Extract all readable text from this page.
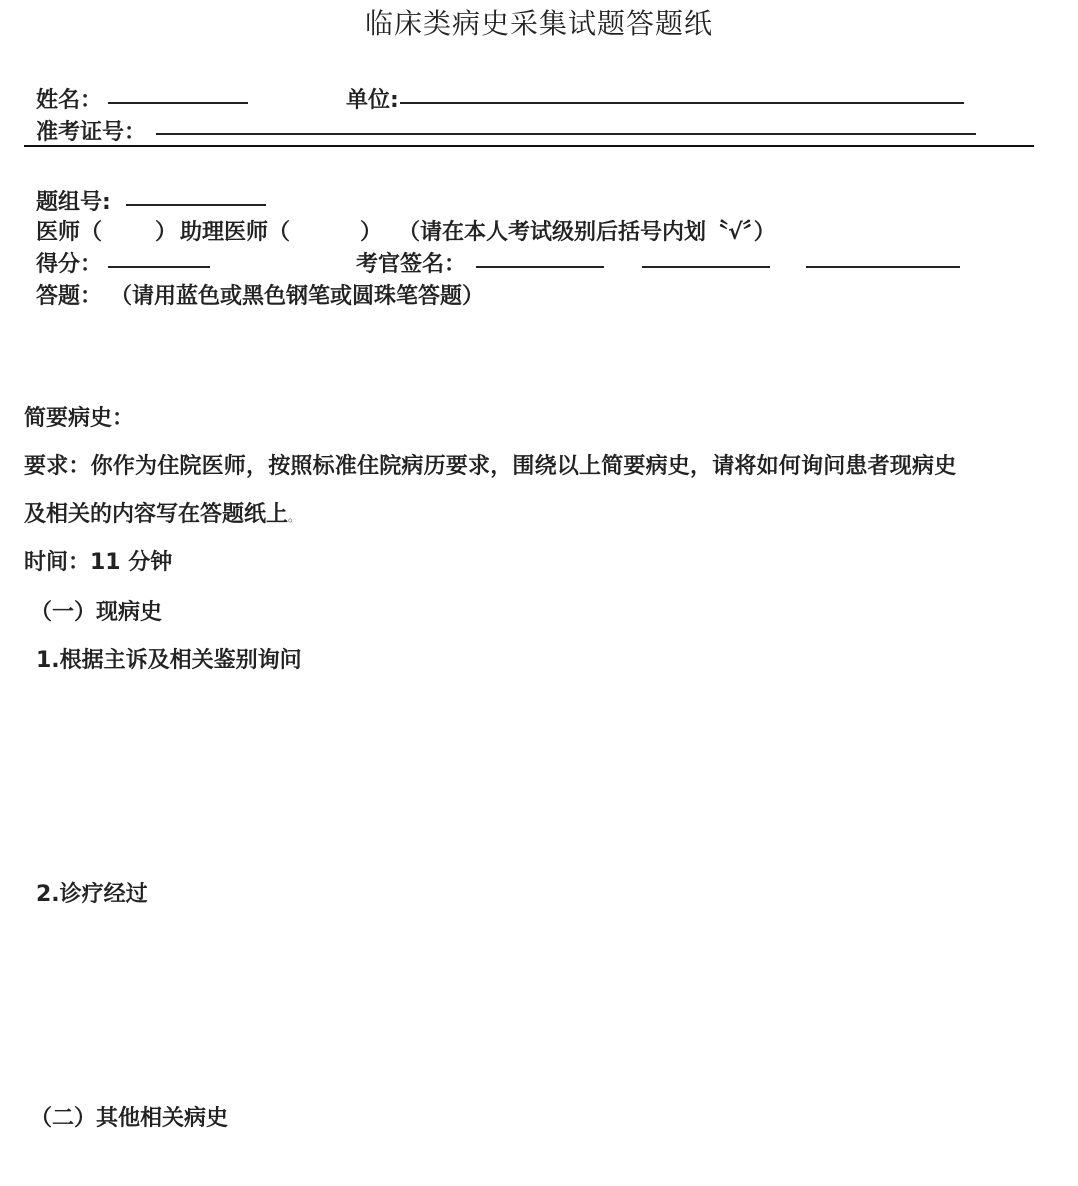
临床类病史采集试题答题纸
姓名：	单位:
准考证号：
题组号:
医师（ ） 助理医师（	） （请在本人考试级别后括号内划〝√〞）
得分：	考官签名：
答题： （请用蓝色或黑色钢笔或圆珠笔答题）
简要病史：
要求：你作为住院医师，按照标准住院病历要求，围绕以上简要病史，请将如何询问患者现病史
及相关的内容写在答题纸上。
时间：11 分钟
（一）现病史
1.根据主诉及相关鉴别询问
2.诊疗经过
（二）其他相关病史
